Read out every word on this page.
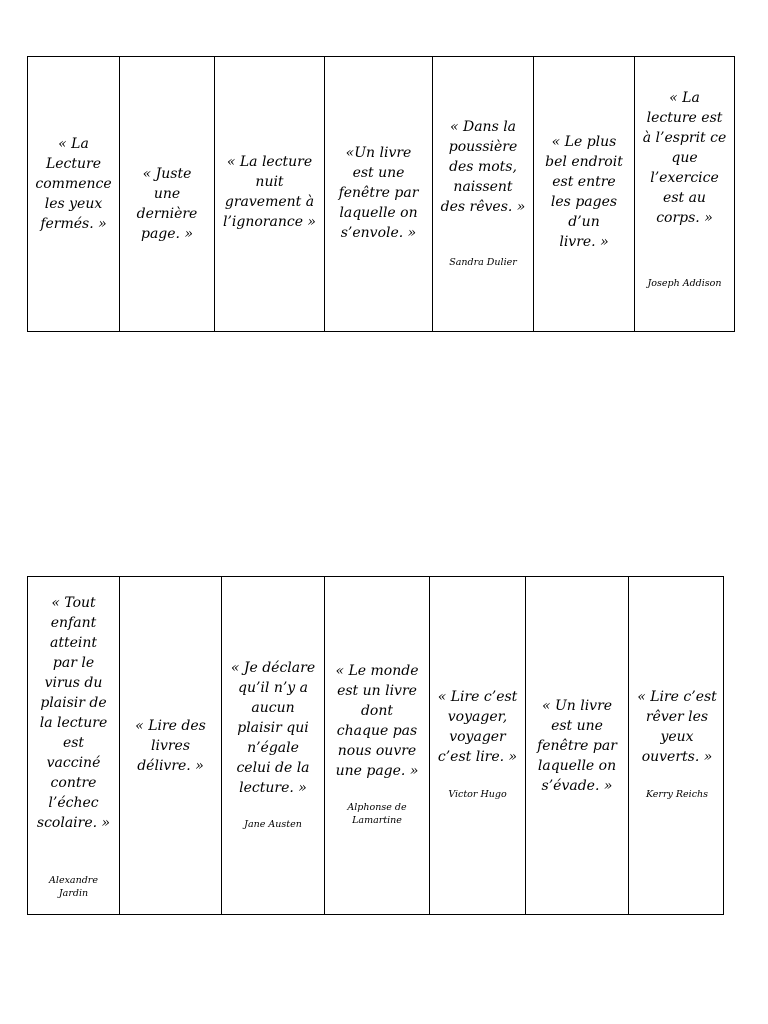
« La
Lecture
commence
les yeux
fermés. »
« Juste
une
dernière
page. »
« La lecture
nuit
gravement à
l’ignorance »
«Un livre
est une
fenêtre par
laquelle on
s’envole. »
« Dans la
poussière
des mots,
naissent
des rêves. »
Sandra Dulier
« Le plus
bel endroit
est entre
les pages
d’un
livre. »
« La
lecture est
à l’esprit ce
que
l’exercice
est au
corps. »
Joseph Addison
« Tout
enfant
atteint
par le
virus du
plaisir de
la lecture
est
vacciné
contre
l’échec
scolaire. »
Alexandre
Jardin
« Lire des
livres
délivre. »
« Je déclare
qu’il n’y a
aucun
plaisir qui
n’égale
celui de la
lecture. »
Jane Austen
« Le monde
est un livre
dont
chaque pas
nous ouvre
une page. »
Alphonse de
Lamartine
« Lire c’est
voyager,
voyager
c’est lire. »
Victor Hugo
« Un livre
est une
fenêtre par
laquelle on
s’évade. »
« Lire c’est
rêver les
yeux
ouverts. »
Kerry Reichs
